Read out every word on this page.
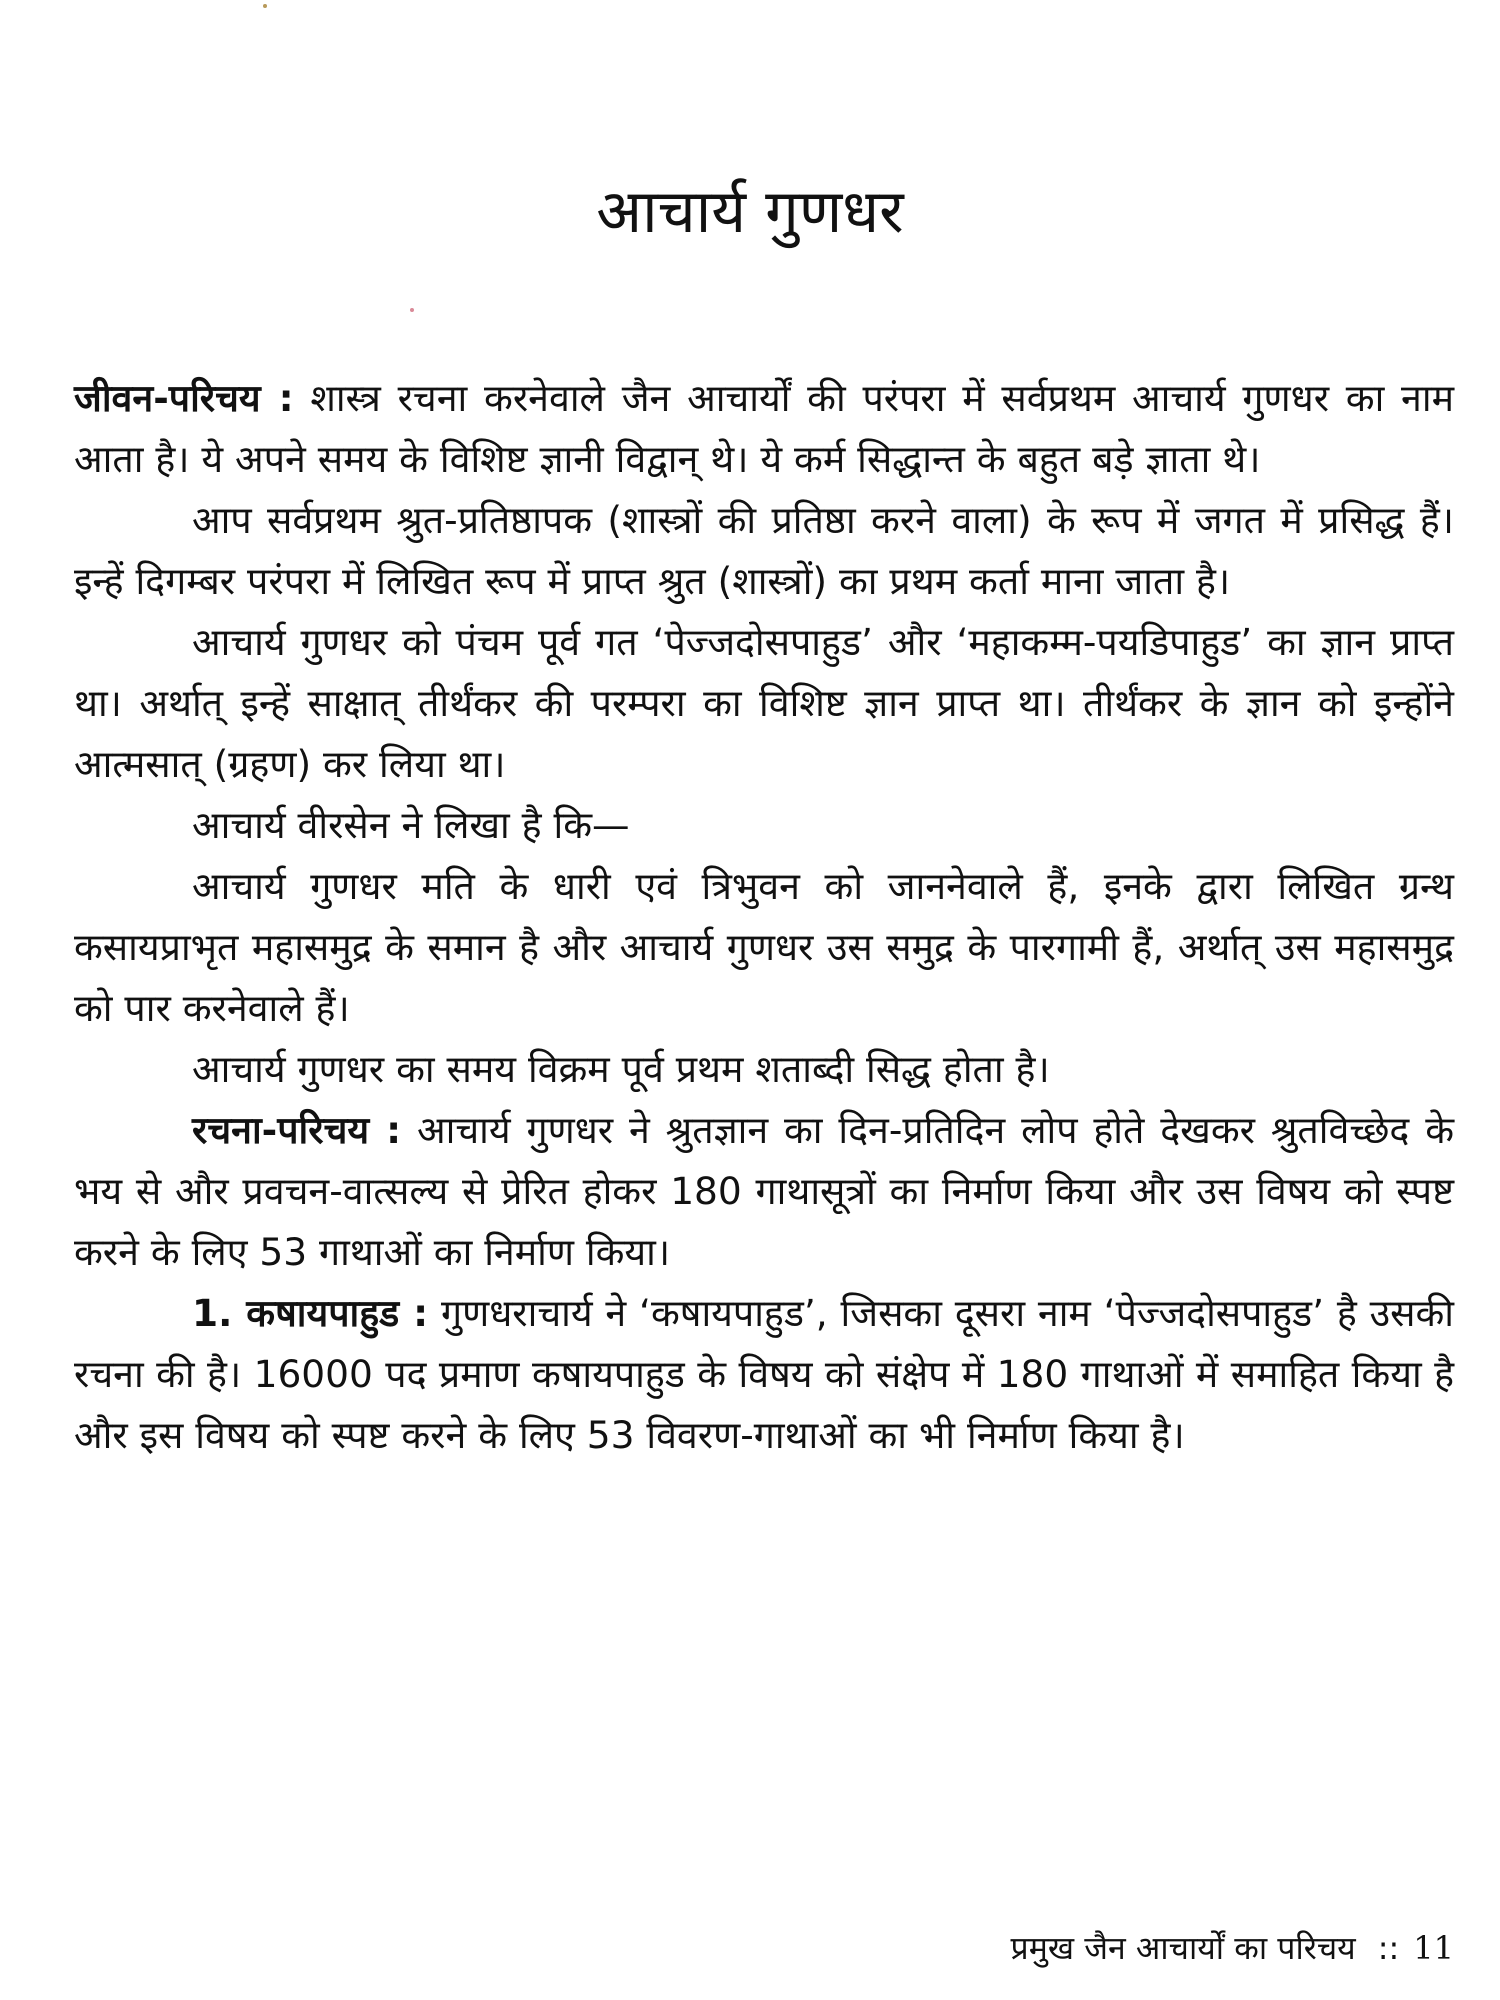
आचार्य गुणधर

जीवन-परिचय : शास्त्र रचना करनेवाले जैन आचार्यों की परंपरा में सर्वप्रथम आचार्य गुणधर का नाम आता है। ये अपने समय के विशिष्ट ज्ञानी विद्वान् थे। ये कर्म सिद्धान्त के बहुत बड़े ज्ञाता थे।

आप सर्वप्रथम श्रुत-प्रतिष्ठापक (शास्त्रों की प्रतिष्ठा करने वाला) के रूप में जगत में प्रसिद्ध हैं। इन्हें दिगम्बर परंपरा में लिखित रूप में प्राप्त श्रुत (शास्त्रों) का प्रथम कर्ता माना जाता है।

आचार्य गुणधर को पंचम पूर्व गत ‘पेज्जदोसपाहुड’ और ‘महाकम्म-पयडिपाहुड’ का ज्ञान प्राप्त था। अर्थात् इन्हें साक्षात् तीर्थंकर की परम्परा का विशिष्ट ज्ञान प्राप्त था। तीर्थंकर के ज्ञान को इन्होंने आत्मसात् (ग्रहण) कर लिया था।

आचार्य वीरसेन ने लिखा है कि—

आचार्य गुणधर मति के धारी एवं त्रिभुवन को जाननेवाले हैं, इनके द्वारा लिखित ग्रन्थ कसायप्राभृत महासमुद्र के समान है और आचार्य गुणधर उस समुद्र के पारगामी हैं, अर्थात् उस महासमुद्र को पार करनेवाले हैं।

आचार्य गुणधर का समय विक्रम पूर्व प्रथम शताब्दी सिद्ध होता है।

रचना-परिचय : आचार्य गुणधर ने श्रुतज्ञान का दिन-प्रतिदिन लोप होते देखकर श्रुतविच्छेद के भय से और प्रवचन-वात्सल्य से प्रेरित होकर 180 गाथासूत्रों का निर्माण किया और उस विषय को स्पष्ट करने के लिए 53 गाथाओं का निर्माण किया।

1. कषायपाहुड : गुणधराचार्य ने ‘कषायपाहुड’, जिसका दूसरा नाम ‘पेज्जदोसपाहुड’ है उसकी रचना की है। 16000 पद प्रमाण कषायपाहुड के विषय को संक्षेप में 180 गाथाओं में समाहित किया है और इस विषय को स्पष्ट करने के लिए 53 विवरण-गाथाओं का भी निर्माण किया है।

प्रमुख जैन आचार्यों का परिचय :: 11
